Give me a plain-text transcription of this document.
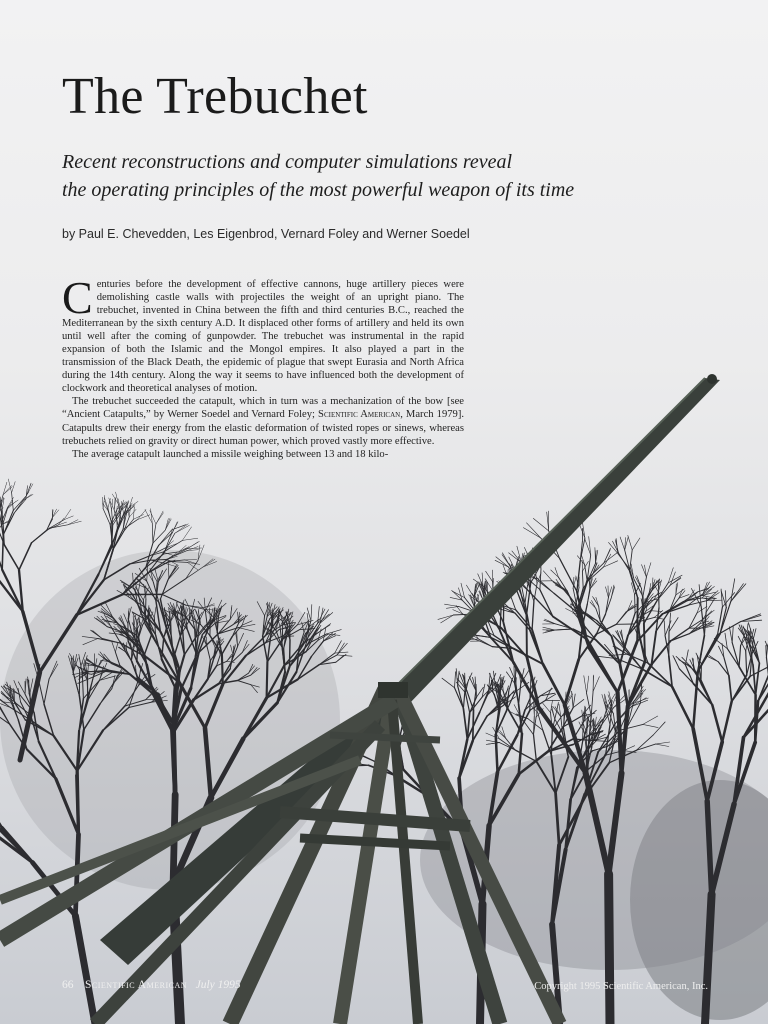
The Trebuchet

Recent reconstructions and computer simulations reveal
the operating principles of the most powerful weapon of its time

by Paul E. Chevedden, Les Eigenbrod, Vernard Foley and Werner Soedel

Centuries before the development of effective cannons, huge artillery pieces were demolishing castle walls with projectiles the weight of an upright piano. The trebuchet, invented in China between the fifth and third centuries B.C., reached the Mediterranean by the sixth century A.D. It displaced other forms of artillery and held its own until well after the coming of gunpowder. The trebuchet was instrumental in the rapid expansion of both the Islamic and the Mongol empires. It also played a part in the transmission of the Black Death, the epidemic of plague that swept Eurasia and North Africa during the 14th century. Along the way it seems to have influenced both the development of clockwork and theoretical analyses of motion.

The trebuchet succeeded the catapult, which in turn was a mechanization of the bow [see “Ancient Catapults,” by Werner Soedel and Vernard Foley; Scientific American, March 1979]. Catapults drew their energy from the elastic deformation of twisted ropes or sinews, whereas trebuchets relied on gravity or direct human power, which proved vastly more effective.

The average catapult launched a missile weighing between 13 and 18 kilo-

66 Scientific American July 1995	Copyright 1995 Scientific American, Inc.
